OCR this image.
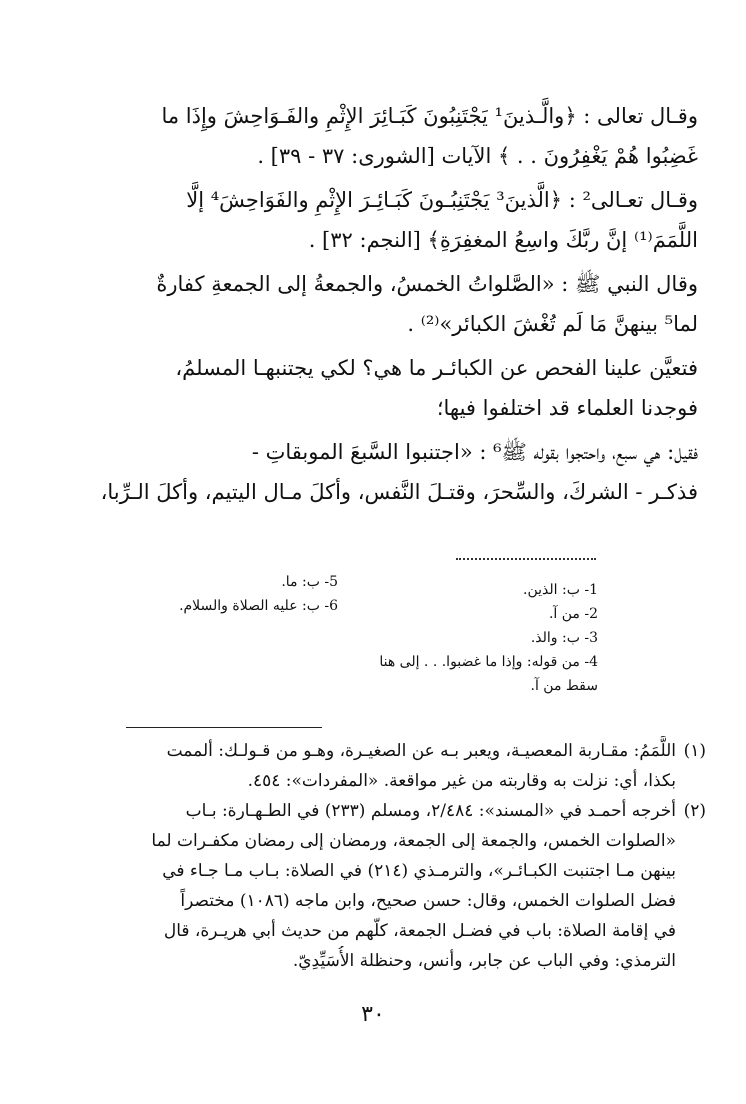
وقـال تعالى : ﴿والَّـذينَ¹ يَجْتَنِبُونَ كَبَـائِرَ الإِثْمِ والفَـوَاحِشَ وإِذَا ما
غَضِبُوا هُمْ يَغْفِرُونَ . . ﴾ الآيات [الشورى: ٣٧ - ٣٩] .
وقـال تعـالى² : ﴿الَّذينَ³ يَجْتَنِبُـونَ كَبَـائِـرَ الإِثْمِ والفَوَاحِشَ⁴ إلَّا
اللَّمَمَ⁽¹⁾ إنَّ ربَّكَ واسِعُ المغفِرَةِ﴾ [النجم: ٣٢] .
وقال النبي ﷺ : «الصَّلواتُ الخمسُ، والجمعةُ إلى الجمعةِ كفارةٌ
لما⁵ بينهنَّ مَا لَم تُغْشَ الكبائر»⁽²⁾ .
فتعيَّن علينا الفحص عن الكبائـر ما هي؟ لكي يجتنبهـا المسلمُ،
فوجدنا العلماء قد اختلفوا فيها؛
فقيل: هي سبع، واحتجوا بقوله ﷺ⁶ : «اجتنبوا السَّبعَ الموبقاتِ -
فذكـر - الشركَ، والسِّحرَ، وقتـلَ النَّفس، وأكلَ مـال اليتيم، وأكلَ الـرِّبا،
1- ب: الذين.
2- من آ.
3- ب: والذ.
4- من قوله: وإذا ما غضبوا. . . إلى هنا
سقط من آ.
5- ب: ما.
6- ب: عليه الصلاة والسلام.
(١)
اللَّمَمُ: مقـاربة المعصيـة، ويعبر بـه عن الصغيـرة، وهـو من قـولـك: ألممت
بكذا، أي: نزلت به وقاربته من غير مواقعة. «المفردات»: ٤٥٤.
(٢)
أخرجه أحمـد في «المسند»: ٢/٤٨٤، ومسلم (٢٣٣) في الطـهـارة: بـاب
«الصلوات الخمس، والجمعة إلى الجمعة، ورمضان إلى رمضان مكفـرات لما
بينهن مـا اجتنبت الكبـائـر»، والترمـذي (٢١٤) في الصلاة: بـاب مـا جـاء في
فضل الصلوات الخمس، وقال: حسن صحيح، وابن ماجه (١٠٨٦) مختصراً
في إقامة الصلاة: باب في فضـل الجمعة، كلّهم من حديث أبي هريـرة، قال
الترمذي: وفي الباب عن جابر، وأنس، وحنظلة الأُسَيِّدِيّ.
٣٠
